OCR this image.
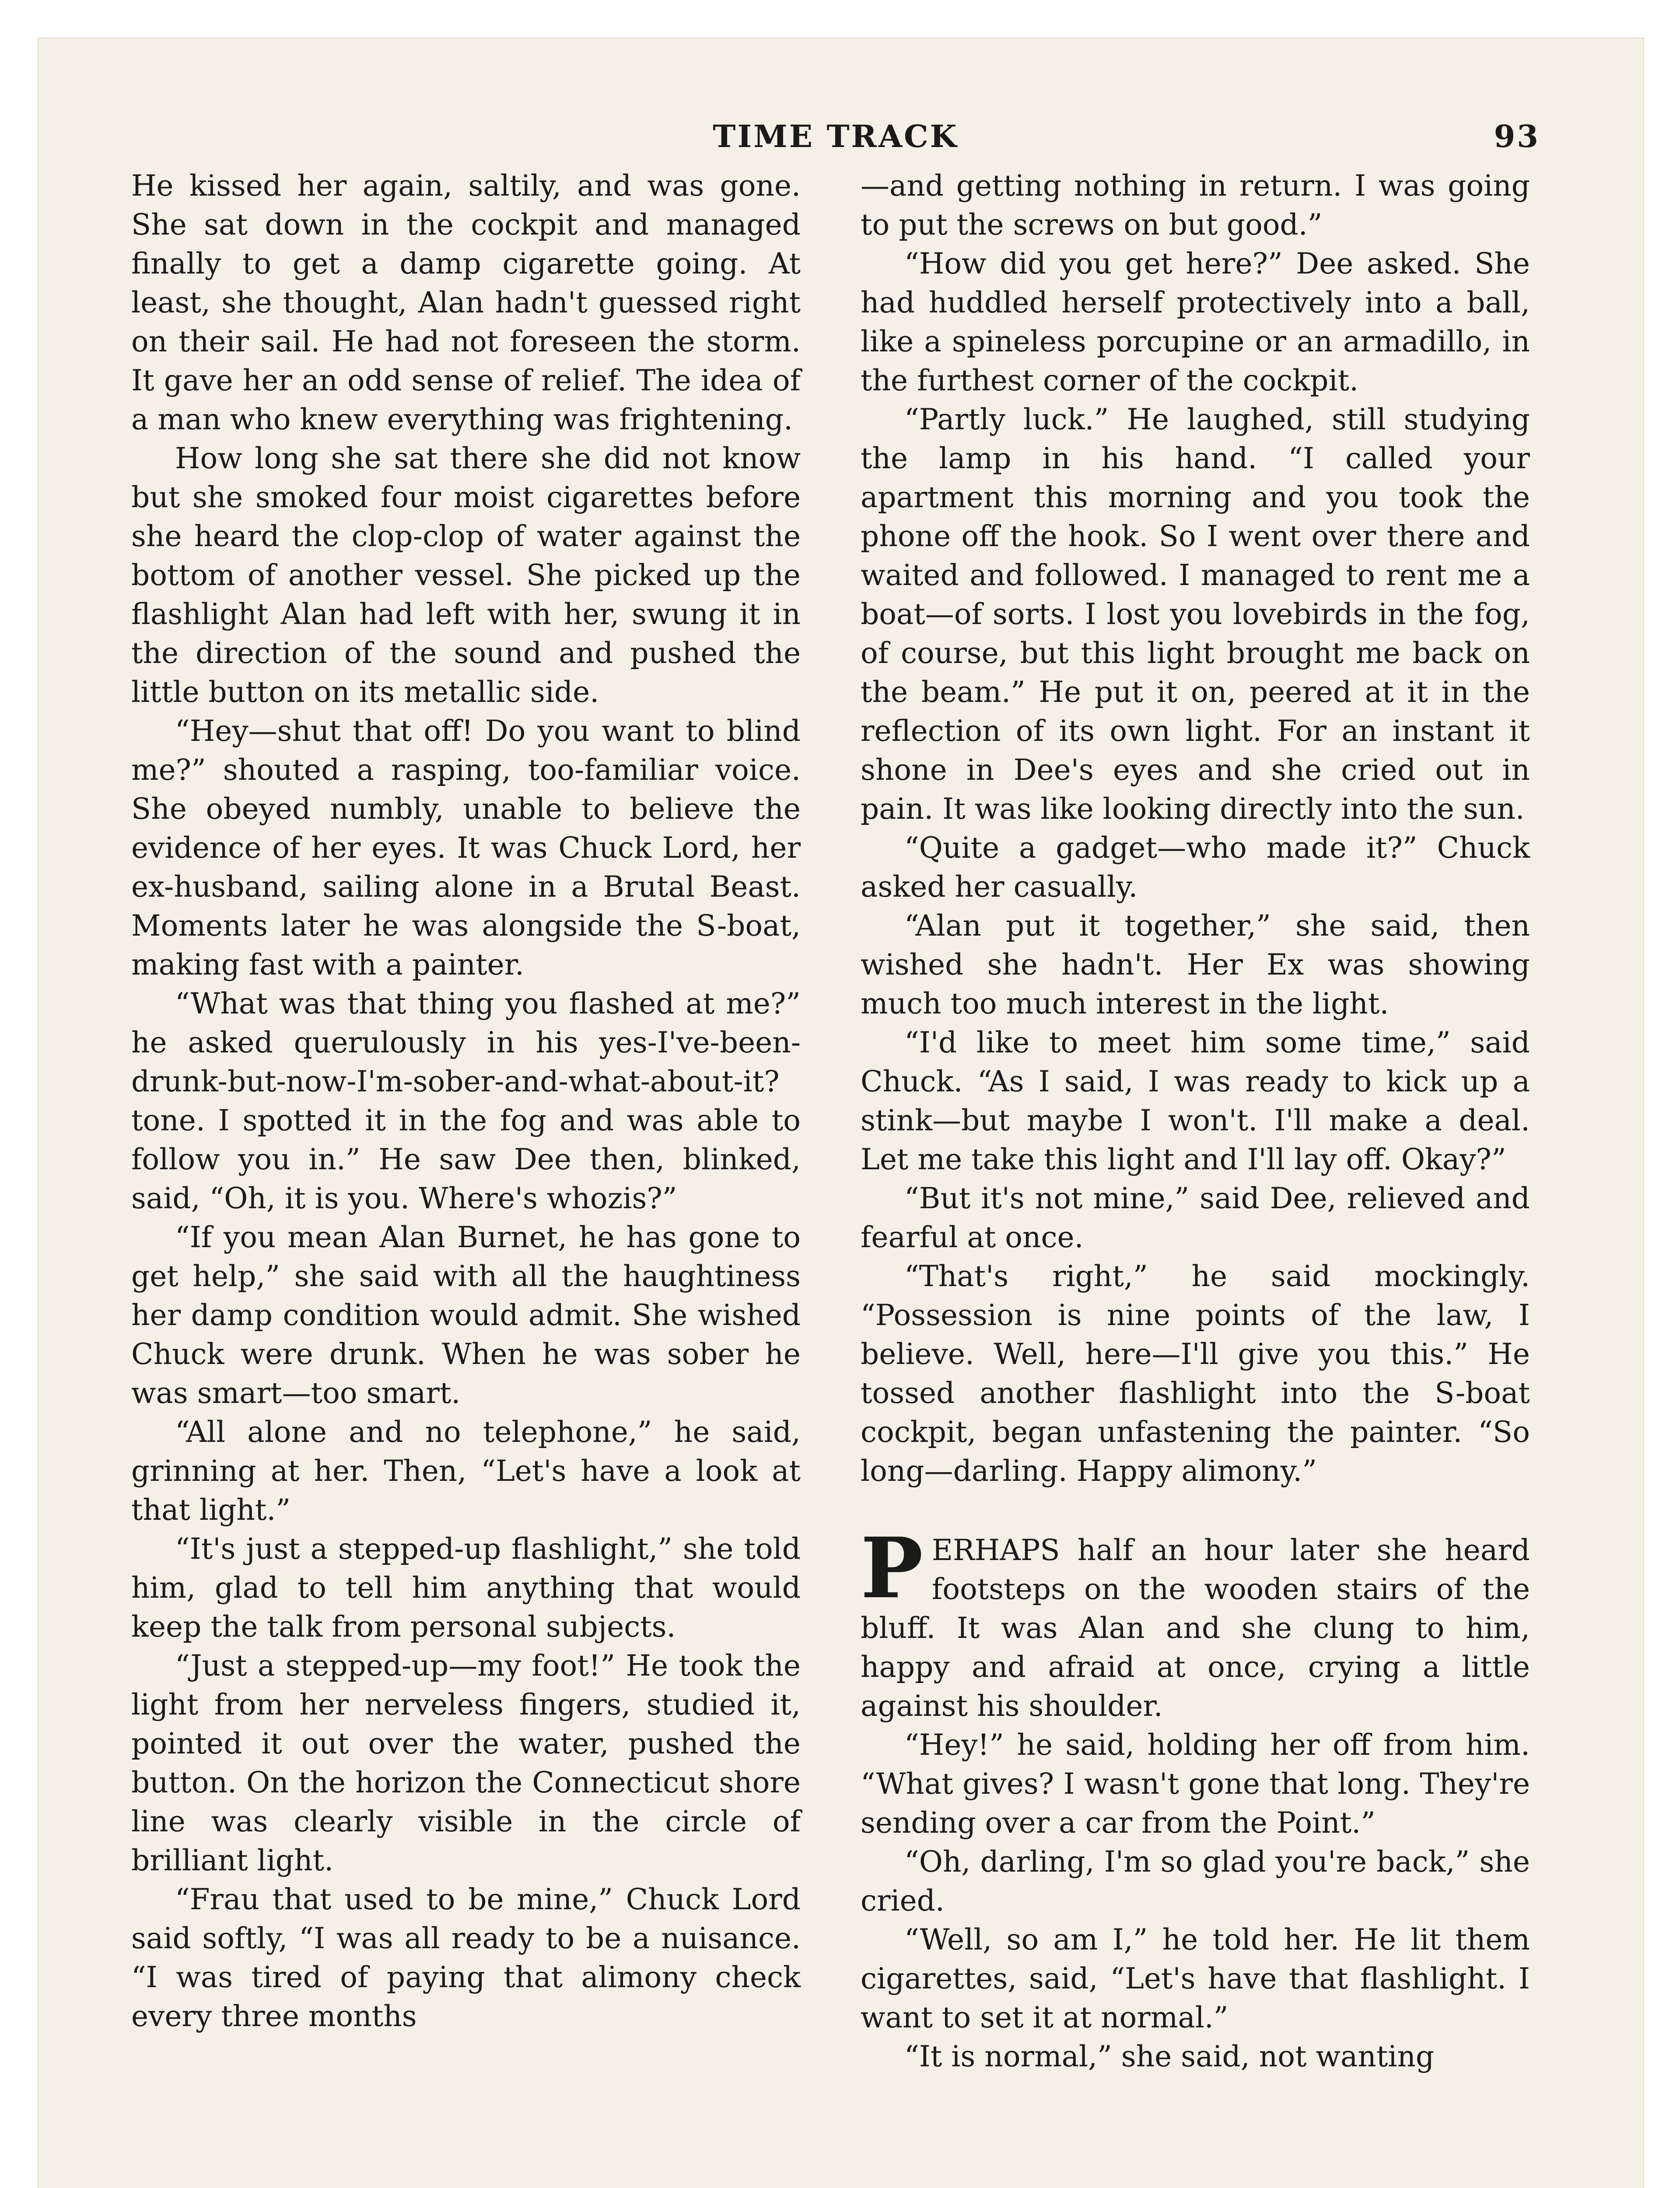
TIME TRACK	93

He kissed her again, saltily, and was gone. She sat down in the cockpit and managed finally to get a damp cigarette going. At least, she thought, Alan hadn't guessed right on their sail. He had not foreseen the storm. It gave her an odd sense of relief. The idea of a man who knew everything was frightening.

How long she sat there she did not know but she smoked four moist cigarettes before she heard the clop-clop of water against the bottom of another vessel. She picked up the flashlight Alan had left with her, swung it in the direction of the sound and pushed the little button on its metallic side.

“Hey—shut that off! Do you want to blind me?” shouted a rasping, too-familiar voice. She obeyed numbly, unable to believe the evidence of her eyes. It was Chuck Lord, her ex-husband, sailing alone in a Brutal Beast. Moments later he was alongside the S-boat, making fast with a painter.

“What was that thing you flashed at me?” he asked querulously in his yes-I've-been-drunk-but-now-I'm-sober-and-what-about-it? tone. I spotted it in the fog and was able to follow you in.” He saw Dee then, blinked, said, “Oh, it is you. Where's whozis?”

“If you mean Alan Burnet, he has gone to get help,” she said with all the haughtiness her damp condition would admit. She wished Chuck were drunk. When he was sober he was smart—too smart.

“All alone and no telephone,” he said, grinning at her. Then, “Let's have a look at that light.”

“It's just a stepped-up flashlight,” she told him, glad to tell him anything that would keep the talk from personal subjects.

“Just a stepped-up—my foot!” He took the light from her nerveless fingers, studied it, pointed it out over the water, pushed the button. On the horizon the Connecticut shore line was clearly visible in the circle of brilliant light.

“Frau that used to be mine,” Chuck Lord said softly, “I was all ready to be a nuisance. “I was tired of paying that alimony check every three months

—and getting nothing in return. I was going to put the screws on but good.”

“How did you get here?” Dee asked. She had huddled herself protectively into a ball, like a spineless porcupine or an armadillo, in the furthest corner of the cockpit.

“Partly luck.” He laughed, still studying the lamp in his hand. “I called your apartment this morning and you took the phone off the hook. So I went over there and waited and followed. I managed to rent me a boat—of sorts. I lost you lovebirds in the fog, of course, but this light brought me back on the beam.” He put it on, peered at it in the reflection of its own light. For an instant it shone in Dee's eyes and she cried out in pain. It was like looking directly into the sun.

“Quite a gadget—who made it?” Chuck asked her casually.

“Alan put it together,” she said, then wished she hadn't. Her Ex was showing much too much interest in the light.

“I'd like to meet him some time,” said Chuck. “As I said, I was ready to kick up a stink—but maybe I won't. I'll make a deal. Let me take this light and I'll lay off. Okay?”

“But it's not mine,” said Dee, relieved and fearful at once.

“That's right,” he said mockingly. “Possession is nine points of the law, I believe. Well, here—I'll give you this.” He tossed another flashlight into the S-boat cockpit, began unfastening the painter. “So long—darling. Happy alimony.”

PERHAPS half an hour later she heard footsteps on the wooden stairs of the bluff. It was Alan and she clung to him, happy and afraid at once, crying a little against his shoulder.

“Hey!” he said, holding her off from him. “What gives? I wasn't gone that long. They're sending over a car from the Point.”

“Oh, darling, I'm so glad you're back,” she cried.

“Well, so am I,” he told her. He lit them cigarettes, said, “Let's have that flashlight. I want to set it at normal.”

“It is normal,” she said, not wanting
